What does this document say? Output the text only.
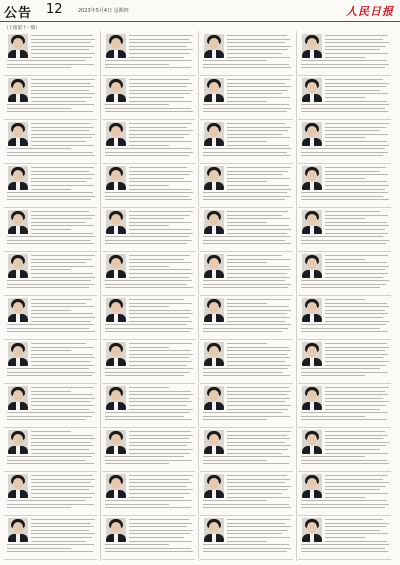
公告 12	2023年5月4日 星期四	人民日报
（上接第十一版）
